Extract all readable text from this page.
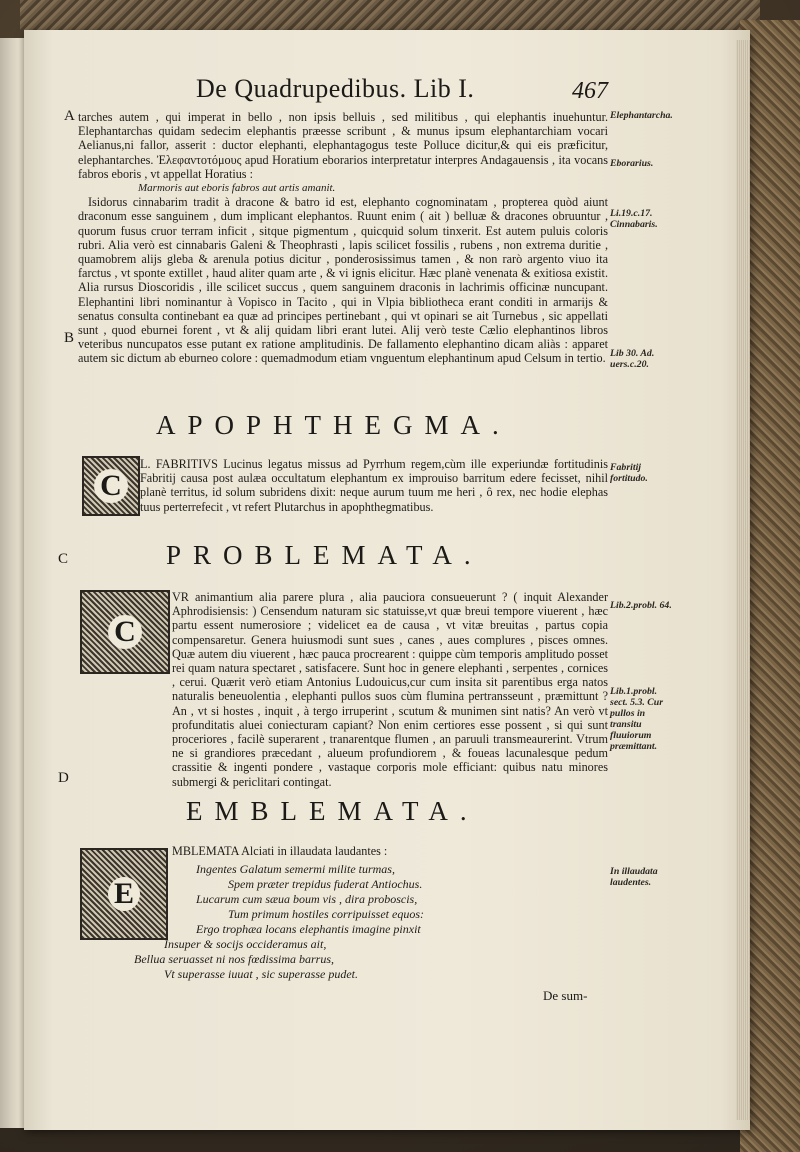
De Quadrupedibus. Lib I.	467
A
B
C
D

tarches autem , qui imperat in bello , non ipsis belluis , sed militibus , qui elephantis inuehuntur. Elephantarchas quidam sedecim elephantis præesse scribunt , & munus ipsum elephantarchiam vocari Aelianus,ni fallor, asserit : ductor elephanti, elephantagogus teste Polluce dicitur,& qui eis præficitur, elephantarches. Ἐλεφαντοτόμους apud Horatium eborarios interpretatur interpres Andagauensis , ita vocans fabros eboris , vt appellat Horatius :

Marmoris aut eboris fabros aut artis amanit.

Isidorus cinnabarim tradit à dracone & batro id est, elephanto cognominatam , propterea quòd aiunt draconum esse sanguinem , dum implicant elephantos. Ruunt enim ( ait ) belluæ & dracones obruuntur , quorum fusus cruor terram inficit , sitque pigmentum , quicquid solum tinxerit. Est autem puluis coloris rubri. Alia verò est cinnabaris Galeni & Theophrasti , lapis scilicet fossilis , rubens , non extrema duritie , quamobrem alijs gleba & arenula potius dicitur , ponderosissimus tamen , & non rarò argento viuo ita farctus , vt sponte extillet , haud aliter quam arte , & vi ignis elicitur. Hæc planè venenata & exitiosa existit. Alia rursus Dioscoridis , ille scilicet succus , quem sanguinem draconis in lachrimis officinæ nuncupant. Elephantini libri nominantur à Vopisco in Tacito , qui in Vlpia bibliotheca erant conditi in armarijs & senatus consulta continebant ea quæ ad principes pertinebant , qui vt opinari se ait Turnebus , sic appellati sunt , quod eburnei forent , vt & alij quidam libri erant lutei. Alij verò teste Cælio elephantinos libros veteribus nuncupatos esse putant ex ratione amplitudinis. De fallamento elephantino dicam aliàs : apparet autem sic dictum ab eburneo colore : quemadmodum etiam vnguentum elephantinum apud Celsum in tertio.

APOPHTHEGMA.
C

L. FABRITIVS Lucinus legatus missus ad Pyrrhum regem,cùm ille experiundæ fortitudinis Fabritij causa post aulæa occultatum elephantum ex improuiso barritum edere fecisset, nihil planè territus, id solum subridens dixit: neque aurum tuum me heri , ô rex, nec hodie elephas tuus perterrefecit , vt refert Plutarchus in apophthegmatibus.

PROBLEMATA.
C

VR animantium alia parere plura , alia pauciora consueuerunt ? ( inquit Alexander Aphrodisiensis: ) Censendum naturam sic statuisse,vt quæ breui tempore viuerent , hæc partu essent numerosiore ; videlicet ea de causa , vt vitæ breuitas , partus copia compensaretur. Genera huiusmodi sunt sues , canes , aues complures , pisces omnes. Quæ autem diu viuerent , hæc pauca procrearent : quippe cùm temporis amplitudo posset rei quam natura spectaret , satisfacere. Sunt hoc in genere elephanti , serpentes , cornices , cerui. Quærit verò etiam Antonius Ludouicus,cur cum insita sit parentibus erga natos naturalis beneuolentia , elephanti pullos suos cùm flumina pertransseunt , præmittunt ? An , vt si hostes , inquit , à tergo irruperint , scutum & munimen sint natis? An verò vt profunditatis aluei coniecturam capiant? Non enim certiores esse possent , si qui sunt proceriores , facilè superarent , tranarentque flumen , an paruuli transmeaurerint. Vtrum ne si grandiores præcedant , alueum profundiorem , & foueas lacunalesque pedum crassitie & ingenti pondere , vastaque corporis mole efficiant: quibus natu minores submergi & periclitari contingat.

EMBLEMATA.
E

MBLEMATA Alciati in illaudata laudantes :

Ingentes Galatum semermi milite turmas,
Spem præter trepidus fuderat Antiochus.
Lucarum cum sæua boum vis , dira proboscis,
Tum primum hostiles corripuisset equos:
Ergo trophæa locans elephantis imagine pinxit
Insuper & socijs occideramus ait,
Bellua seruasset ni nos fœdissima barrus,
Vt superasse iuuat , sic superasse pudet.
De sum-
Elephantarcha.
Eborarius.
Li.19.c.17. Cinnabaris.
Lib 30. Ad. uers.c.20.
Fabritij fortitudo.
Lib.2.probl. 64.
Lib.1.probl. sect. 5.3. Cur pullos in transitu fluuiorum præmittant.
In illaudata laudentes.
